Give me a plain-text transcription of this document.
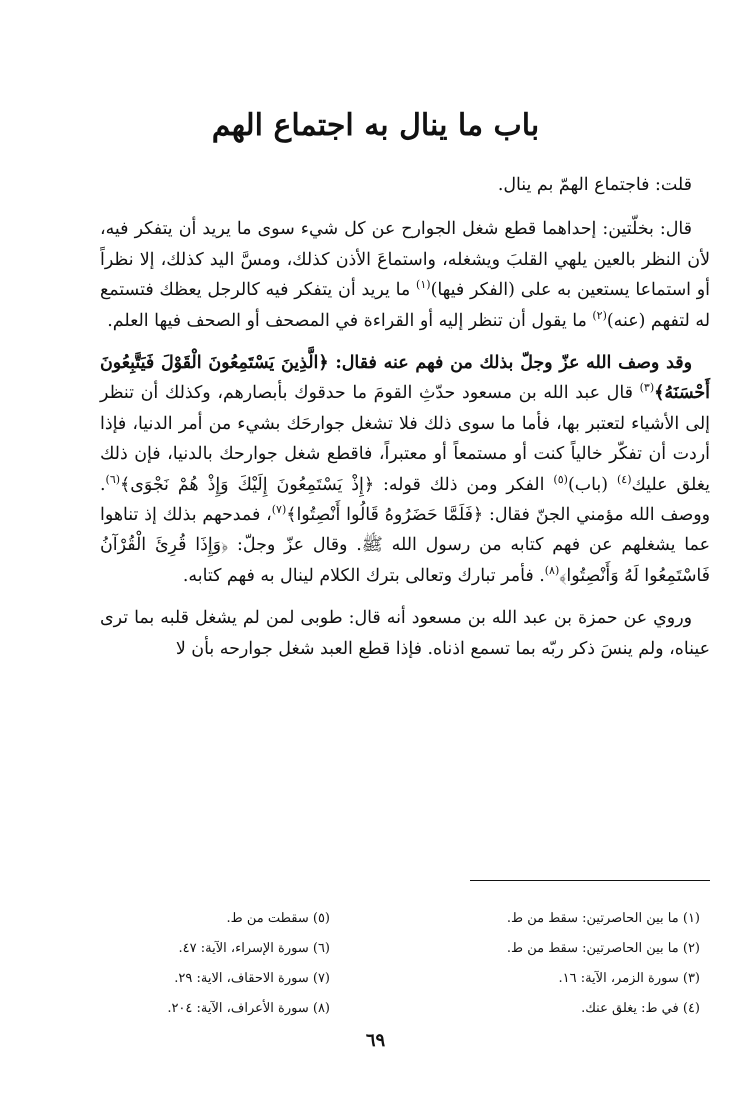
باب ما ينال به اجتماع الهم

قلت: فاجتماع الهمّ بم ينال.

قال: بخلّتين: إحداهما قطع شغل الجوارح عن كل شيء سوى ما يريد أن يتفكر فيه، لأن النظر بالعين يلهي القلبَ ويشغله، واستماعَ الأذن كذلك، ومسَّ اليد كذلك، إلا نظراً أو استماعا يستعين به على (الفكر فيها)$^{(١)}$ ما يريد أن يتفكر فيه كالرجل يعظك فتستمع له لتفهم (عنه)$^{(٢)}$ ما يقول أن تنظر إليه أو القراءة في المصحف أو الصحف فيها العلم.

وقد وصف الله عزّ وجلّ بذلك من فهم عنه فقال: ﴿الَّذِينَ يَسْتَمِعُونَ الْقَوْلَ فَيَتَّبِعُونَ أَحْسَنَهُ﴾$^{(٣)}$ قال عبد الله بن مسعود حدّثِ القومَ ما حدقوك بأبصارهم، وكذلك أن تنظر إلى الأشياء لتعتبر بها، فأما ما سوى ذلك فلا تشغل جوارحَك بشيء من أمر الدنيا، فإذا أردت أن تفكّر خالياً كنت أو مستمعاً أو معتبراً، فاقطع شغل جوارحك بالدنيا، فإن ذلك يغلق عليك$^{(٤)}$ (باب)$^{(٥)}$ الفكر ومن ذلك قوله: ﴿إِذْ يَسْتَمِعُونَ إِلَيْكَ وَإِذْ هُمْ نَجْوَى﴾$^{(٦)}$. ووصف الله مؤمني الجنّ فقال: ﴿فَلَمَّا حَضَرُوهُ قَالُوا أَنْصِتُوا﴾$^{(٧)}$، فمدحهم بذلك إذ تناهوا عما يشغلهم عن فهم كتابه من رسول الله ﷺ. وقال عزّ وجلّ: ﴿وَإِذَا قُرِئَ الْقُرْآنُ فَاسْتَمِعُوا لَهُ وَأَنْصِتُوا﴾$^{(٨)}$. فأمر تبارك وتعالى بترك الكلام لينال به فهم كتابه.

وروي عن حمزة بن عبد الله بن مسعود أنه قال: طوبى لمن لم يشغل قلبه بما ترى عيناه، ولم ينسَ ذكر ربّه بما تسمع اذناه. فإذا قطع العبد شغل جوارحه بأن لا

(١) ما بين الحاصرتين: سقط من ط.
(٢) ما بين الحاصرتين: سقط من ط.
(٣) سورة الزمر، الآية: ١٦.
(٤) في ط: يغلق عنك.
(٥) سقطت من ط.
(٦) سورة الإسراء، الآية: ٤٧.
(٧) سورة الاحقاف، الاية: ٢٩.
(٨) سورة الأعراف، الآية: ٢٠٤.
٦٩
